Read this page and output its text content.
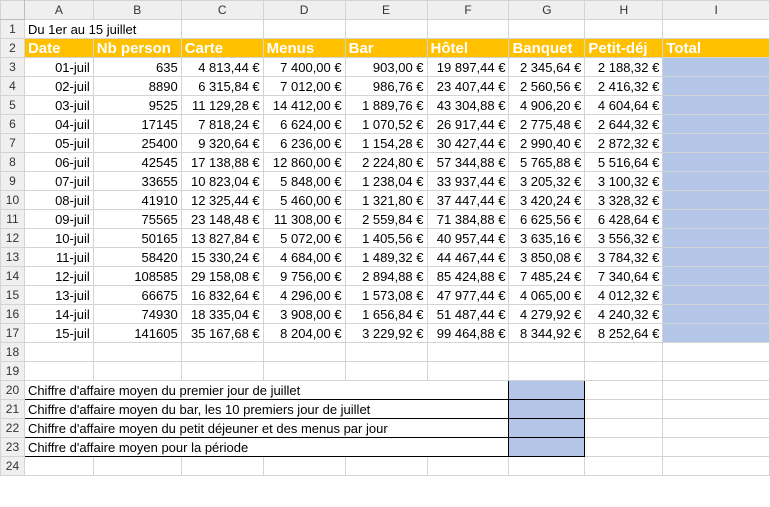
	A	B	C	D	E	F	G	H	I
1	Du 1er au 15 juillet								
2	Date	Nb person	Carte	Menus	Bar	Hôtel	Banquet	Petit-déj	Total
3	01-juil	635	4 813,44 €	7 400,00 €	903,00 €	19 897,44 €	2 345,64 €	2 188,32 €	
4	02-juil	8890	6 315,84 €	7 012,00 €	986,76 €	23 407,44 €	2 560,56 €	2 416,32 €	
5	03-juil	9525	11 129,28 €	14 412,00 €	1 889,76 €	43 304,88 €	4 906,20 €	4 604,64 €	
6	04-juil	17145	7 818,24 €	6 624,00 €	1 070,52 €	26 917,44 €	2 775,48 €	2 644,32 €	
7	05-juil	25400	9 320,64 €	6 236,00 €	1 154,28 €	30 427,44 €	2 990,40 €	2 872,32 €	
8	06-juil	42545	17 138,88 €	12 860,00 €	2 224,80 €	57 344,88 €	5 765,88 €	5 516,64 €	
9	07-juil	33655	10 823,04 €	5 848,00 €	1 238,04 €	33 937,44 €	3 205,32 €	3 100,32 €	
10	08-juil	41910	12 325,44 €	5 460,00 €	1 321,80 €	37 447,44 €	3 420,24 €	3 328,32 €	
11	09-juil	75565	23 148,48 €	11 308,00 €	2 559,84 €	71 384,88 €	6 625,56 €	6 428,64 €	
12	10-juil	50165	13 827,84 €	5 072,00 €	1 405,56 €	40 957,44 €	3 635,16 €	3 556,32 €	
13	11-juil	58420	15 330,24 €	4 684,00 €	1 489,32 €	44 467,44 €	3 850,08 €	3 784,32 €	
14	12-juil	108585	29 158,08 €	9 756,00 €	2 894,88 €	85 424,88 €	7 485,24 €	7 340,64 €	
15	13-juil	66675	16 832,64 €	4 296,00 €	1 573,08 €	47 977,44 €	4 065,00 €	4 012,32 €	
16	14-juil	74930	18 335,04 €	3 908,00 €	1 656,84 €	51 487,44 €	4 279,92 €	4 240,32 €	
17	15-juil	141605	35 167,68 €	8 204,00 €	3 229,92 €	99 464,88 €	8 344,92 €	8 252,64 €	
18									
19									
20	Chiffre d'affaire moyen du premier jour de juillet								
21	Chiffre d'affaire moyen du bar, les 10 premiers jour de juillet								
22	Chiffre d'affaire moyen du petit déjeuner et des menus par jour								
23	Chiffre d'affaire moyen pour la période								
24									
